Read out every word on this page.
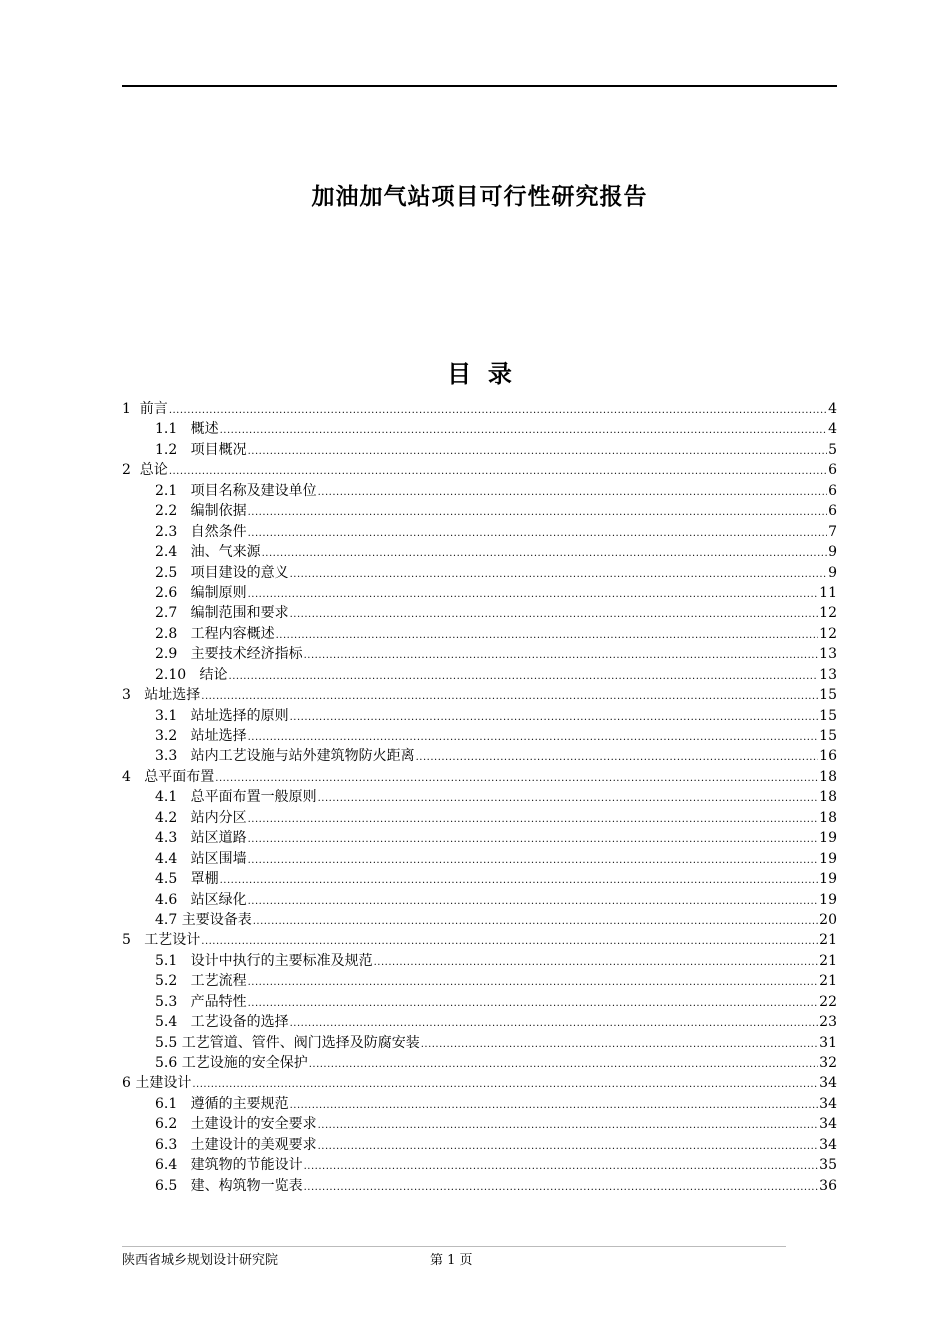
加油加气站项目可行性研究报告
目  录
1  前言 .....	4
1.1   概述 .....	4
1.2   项目概况 .....	5
2  总论 .....	6
2.1   项目名称及建设单位 .....	6
2.2   编制依据 .....	6
2.3   自然条件 .....	7
2.4   油、气来源 .....	9
2.5   项目建设的意义 .....	9
2.6   编制原则 .....	11
2.7   编制范围和要求 .....	12
2.8   工程内容概述 .....	12
2.9   主要技术经济指标 .....	13
2.10   结论 .....	13
3   站址选择 .....	15
3.1   站址选择的原则 .....	15
3.2   站址选择 .....	15
3.3   站内工艺设施与站外建筑物防火距离 .....	16
4   总平面布置 .....	18
4.1   总平面布置一般原则 .....	18
4.2   站内分区 .....	18
4.3   站区道路 .....	19
4.4   站区围墙 .....	19
4.5   罩棚 .....	19
4.6   站区绿化 .....	19
4.7 主要设备表 .....	20
5   工艺设计 .....	21
5.1   设计中执行的主要标准及规范 .....	21
5.2   工艺流程 .....	21
5.3   产品特性 .....	22
5.4   工艺设备的选择 .....	23
5.5 工艺管道、管件、阀门选择及防腐安装 .....	31
5.6 工艺设施的安全保护 .....	32
6 土建设计 .....	34
6.1   遵循的主要规范 .....	34
6.2   土建设计的安全要求 .....	34
6.3   土建设计的美观要求 .....	34
6.4   建筑物的节能设计 .....	35
6.5   建、构筑物一览表 .....	36
陕西省城乡规划设计研究院	第 1 页
